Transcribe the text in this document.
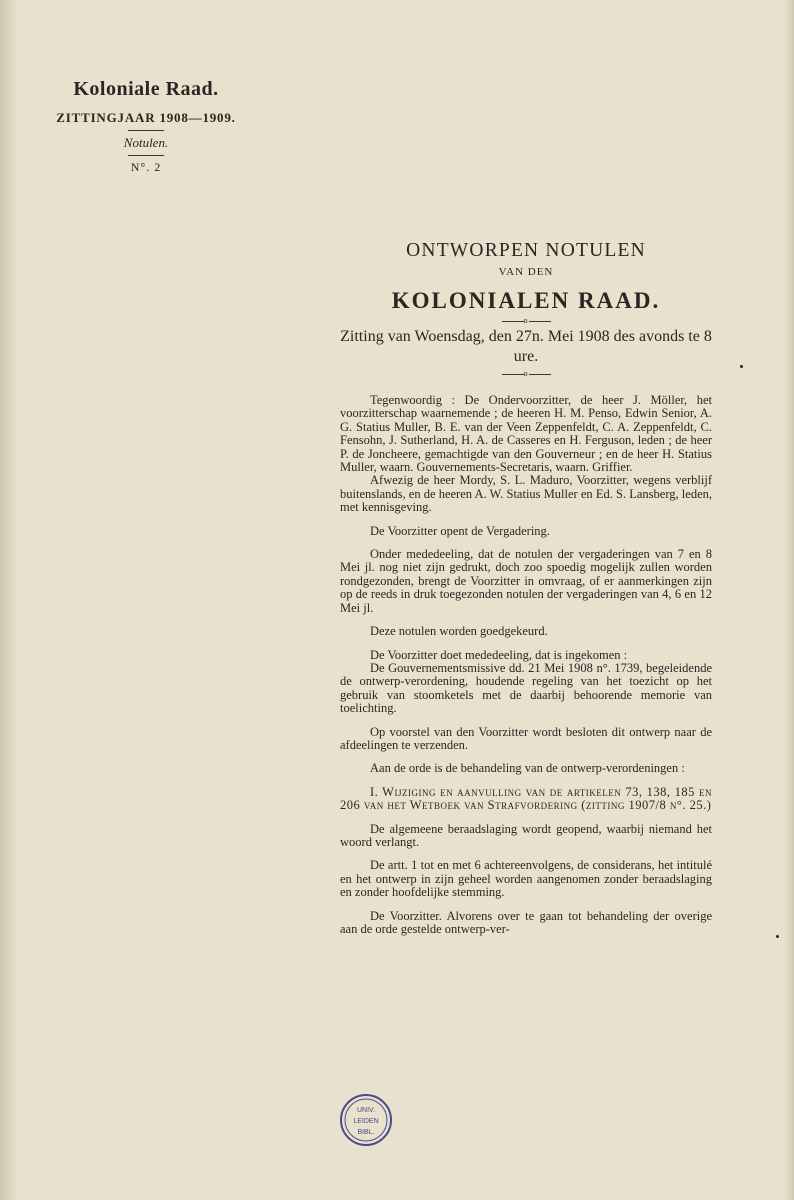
Koloniale Raad.
ZITTINGJAAR 1908—1909.
Notulen.
N°. 2
ONTWORPEN NOTULEN
VAN DEN
KOLONIALEN RAAD.
o
Zitting van Woensdag, den 27n. Mei 1908 des avonds te 8 ure.
o

Tegenwoordig : De Ondervoorzitter, de heer J. Möller, het voorzitterschap waarnemende ; de heeren H. M. Penso, Edwin Senior, A. G. Statius Muller, B. E. van der Veen Zeppenfeldt, C. A. Zeppenfeldt, C. Fensohn, J. Sutherland, H. A. de Casseres en H. Ferguson, leden ; de heer P. de Joncheere, gemachtigde van den Gouverneur ; en de heer H. Statius Muller, waarn. Gouvernements-Secretaris, waarn. Griffier.

Afwezig de heer Mordy, S. L. Maduro, Voorzitter, wegens verblijf buitenslands, en de heeren A. W. Statius Muller en Ed. S. Lansberg, leden, met kennisgeving.

De Voorzitter opent de Vergadering.

Onder mededeeling, dat de notulen der vergaderingen van 7 en 8 Mei jl. nog niet zijn gedrukt, doch zoo spoedig mogelijk zullen worden rondgezonden, brengt de Voorzitter in omvraag, of er aanmerkingen zijn op de reeds in druk toegezonden notulen der vergaderingen van 4, 6 en 12 Mei jl.

Deze notulen worden goedgekeurd.

De Voorzitter doet mededeeling, dat is ingekomen :

De Gouvernementsmissive dd. 21 Mei 1908 n°. 1739, begeleidende de ontwerp-verordening, houdende regeling van het toezicht op het gebruik van stoomketels met de daarbij behoorende memorie van toelichting.

Op voorstel van den Voorzitter wordt besloten dit ontwerp naar de afdeelingen te verzenden.

Aan de orde is de behandeling van de ontwerp-verordeningen :

I. Wijziging en aanvulling van de artikelen 73, 138, 185 en 206 van het Wetboek van Strafvordering (zitting 1907/8 n°. 25.)

De algemeene beraadslaging wordt geopend, waarbij niemand het woord verlangt.

De artt. 1 tot en met 6 achtereenvolgens, de considerans, het intitulé en het ontwerp in zijn geheel worden aangenomen zonder beraadslaging en zonder hoofdelijke stemming.

De Voorzitter. Alvorens over te gaan tot behandeling der overige aan de orde gestelde ontwerp-ver-

UNIV.
LEIDEN
BIBL.
